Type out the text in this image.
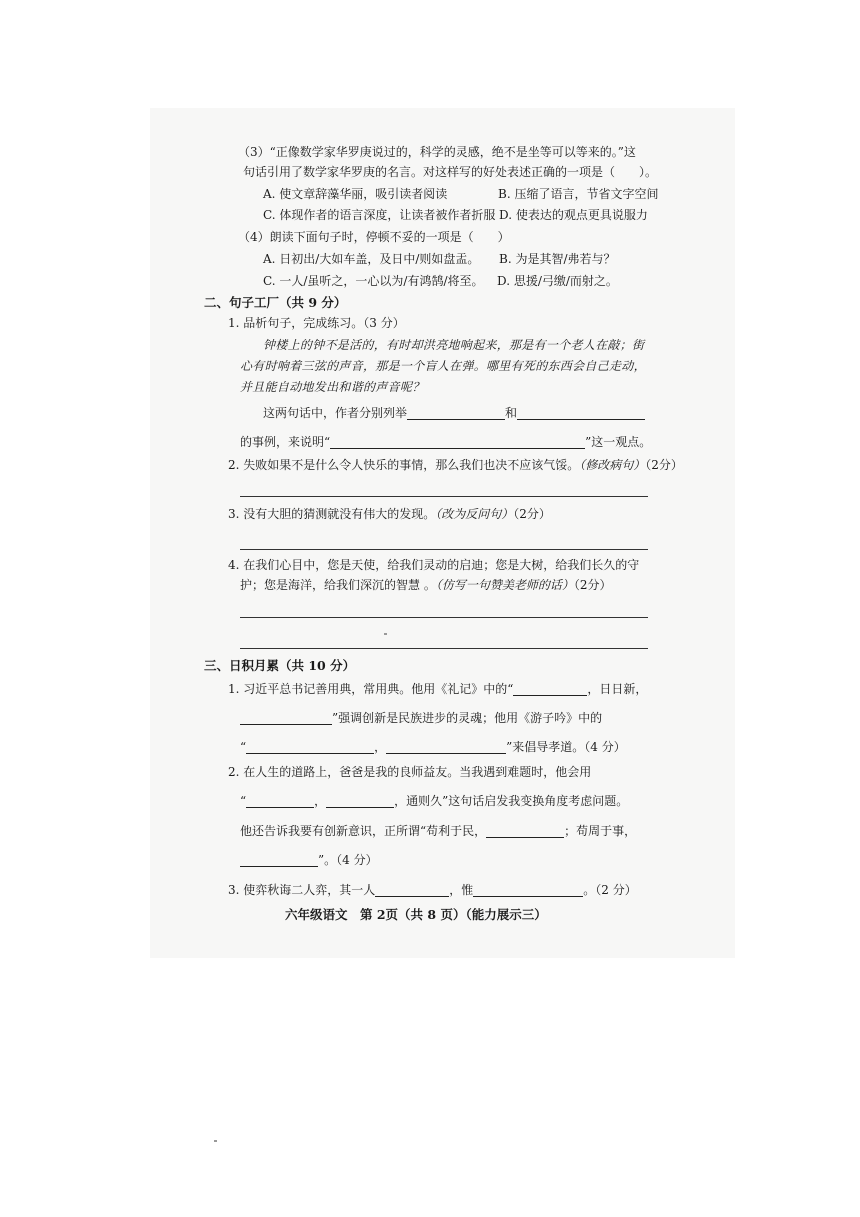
（3）“正像数学家华罗庚说过的，科学的灵感，绝不是坐等可以等来的。”这
句话引用了数学家华罗庚的名言。对这样写的好处表述正确的一项是（　　）。
A. 使文章辞藻华丽，吸引读者阅读	B. 压缩了语言，节省文字空间
C. 体现作者的语言深度，让读者被作者折服 D. 使表达的观点更具说服力
（4）朗读下面句子时，停顿不妥的一项是（　　）
A. 日初出/大如车盖，及日中/则如盘盂。 B. 为是其智/弗若与？
C. 一人/虽听之，一心以为/有鸿鹄/将至。 D. 思援/弓缴/而射之。
二、句子工厂（共 9 分）
1. 品析句子，完成练习。（3 分）
钟楼上的钟不是活的，有时却洪亮地响起来，那是有一个老人在敲；街
心有时响着三弦的声音，那是一个盲人在弹。哪里有死的东西会自己走动，
并且能自动地发出和谐的声音呢？
这两句话中，作者分别列举	和
的事例，来说明“	”这一观点。
2. 失败如果不是什么令人快乐的事情，那么我们也决不应该气馁。（修改病句）（2分）
3. 没有大胆的猜测就没有伟大的发现。（改为反问句）（2分）
4. 在我们心目中，您是天使，给我们灵动的启迪；您是大树，给我们长久的守
护；您是海洋，给我们深沉的智慧 。（仿写一句赞美老师的话）（2分）
三、日积月累（共 10 分）
1. 习近平总书记善用典，常用典。他用《礼记》中的“	，日日新，
”强调创新是民族进步的灵魂；他用《游子吟》中的
“	，	”来倡导孝道。（4 分）
2. 在人生的道路上，爸爸是我的良师益友。当我遇到难题时，他会用
“	，	，通则久”这句话启发我变换角度考虑问题。
他还告诉我要有创新意识，正所谓“苟利于民，	；苟周于事，
”。（4 分）
3. 使弈秋诲二人弈，其一人	，惟	。（2 分）
六年级语文　第 2页（共 8 页）（能力展示三）
